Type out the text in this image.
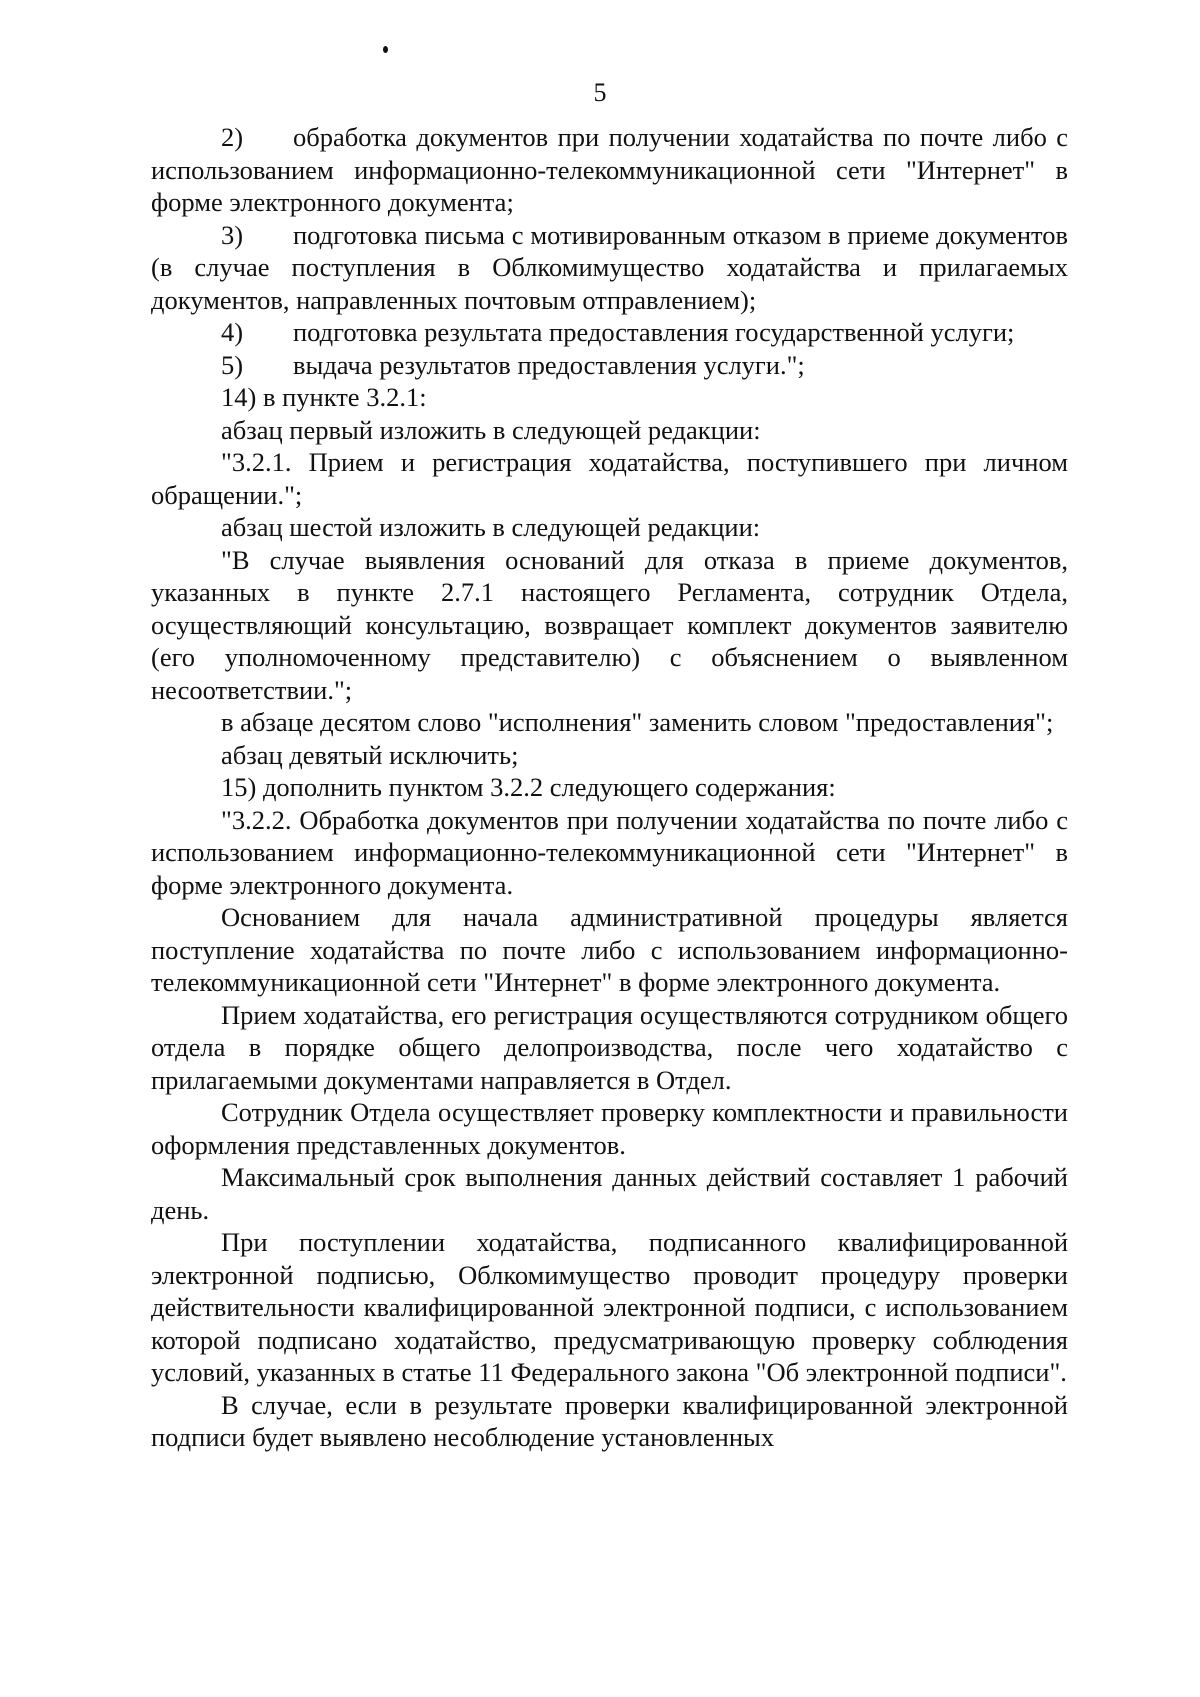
5

2) обработка документов при получении ходатайства по почте либо с использованием информационно-телекоммуникационной сети "Интернет" в форме электронного документа;

3) подготовка письма с мотивированным отказом в приеме документов (в случае поступления в Облкомимущество ходатайства и прилагаемых документов, направленных почтовым отправлением);

4) подготовка результата предоставления государственной услуги;

5) выдача результатов предоставления услуги.";

14) в пункте 3.2.1:

абзац первый изложить в следующей редакции:

"3.2.1. Прием и регистрация ходатайства, поступившего при личном обращении.";

абзац шестой изложить в следующей редакции:

"В случае выявления оснований для отказа в приеме документов, указанных в пункте 2.7.1 настоящего Регламента, сотрудник Отдела, осуществляющий консультацию, возвращает комплект документов заявителю (его уполномоченному представителю) с объяснением о выявленном несоответствии.";

в абзаце десятом слово "исполнения" заменить словом "предоставления";

абзац девятый исключить;

15) дополнить пунктом 3.2.2 следующего содержания:

"3.2.2. Обработка документов при получении ходатайства по почте либо с использованием информационно-телекоммуникационной сети "Интернет" в форме электронного документа.

Основанием для начала административной процедуры является поступление ходатайства по почте либо с использованием информационно-телекоммуникационной сети "Интернет" в форме электронного документа.

Прием ходатайства, его регистрация осуществляются сотрудником общего отдела в порядке общего делопроизводства, после чего ходатайство с прилагаемыми документами направляется в Отдел.

Сотрудник Отдела осуществляет проверку комплектности и правильности оформления представленных документов.

Максимальный срок выполнения данных действий составляет 1 рабочий день.

При поступлении ходатайства, подписанного квалифицированной электронной подписью, Облкомимущество проводит процедуру проверки действительности квалифицированной электронной подписи, с использованием которой подписано ходатайство, предусматривающую проверку соблюдения условий, указанных в статье 11 Федерального закона "Об электронной подписи".

В случае, если в результате проверки квалифицированной электронной подписи будет выявлено несоблюдение установленных
